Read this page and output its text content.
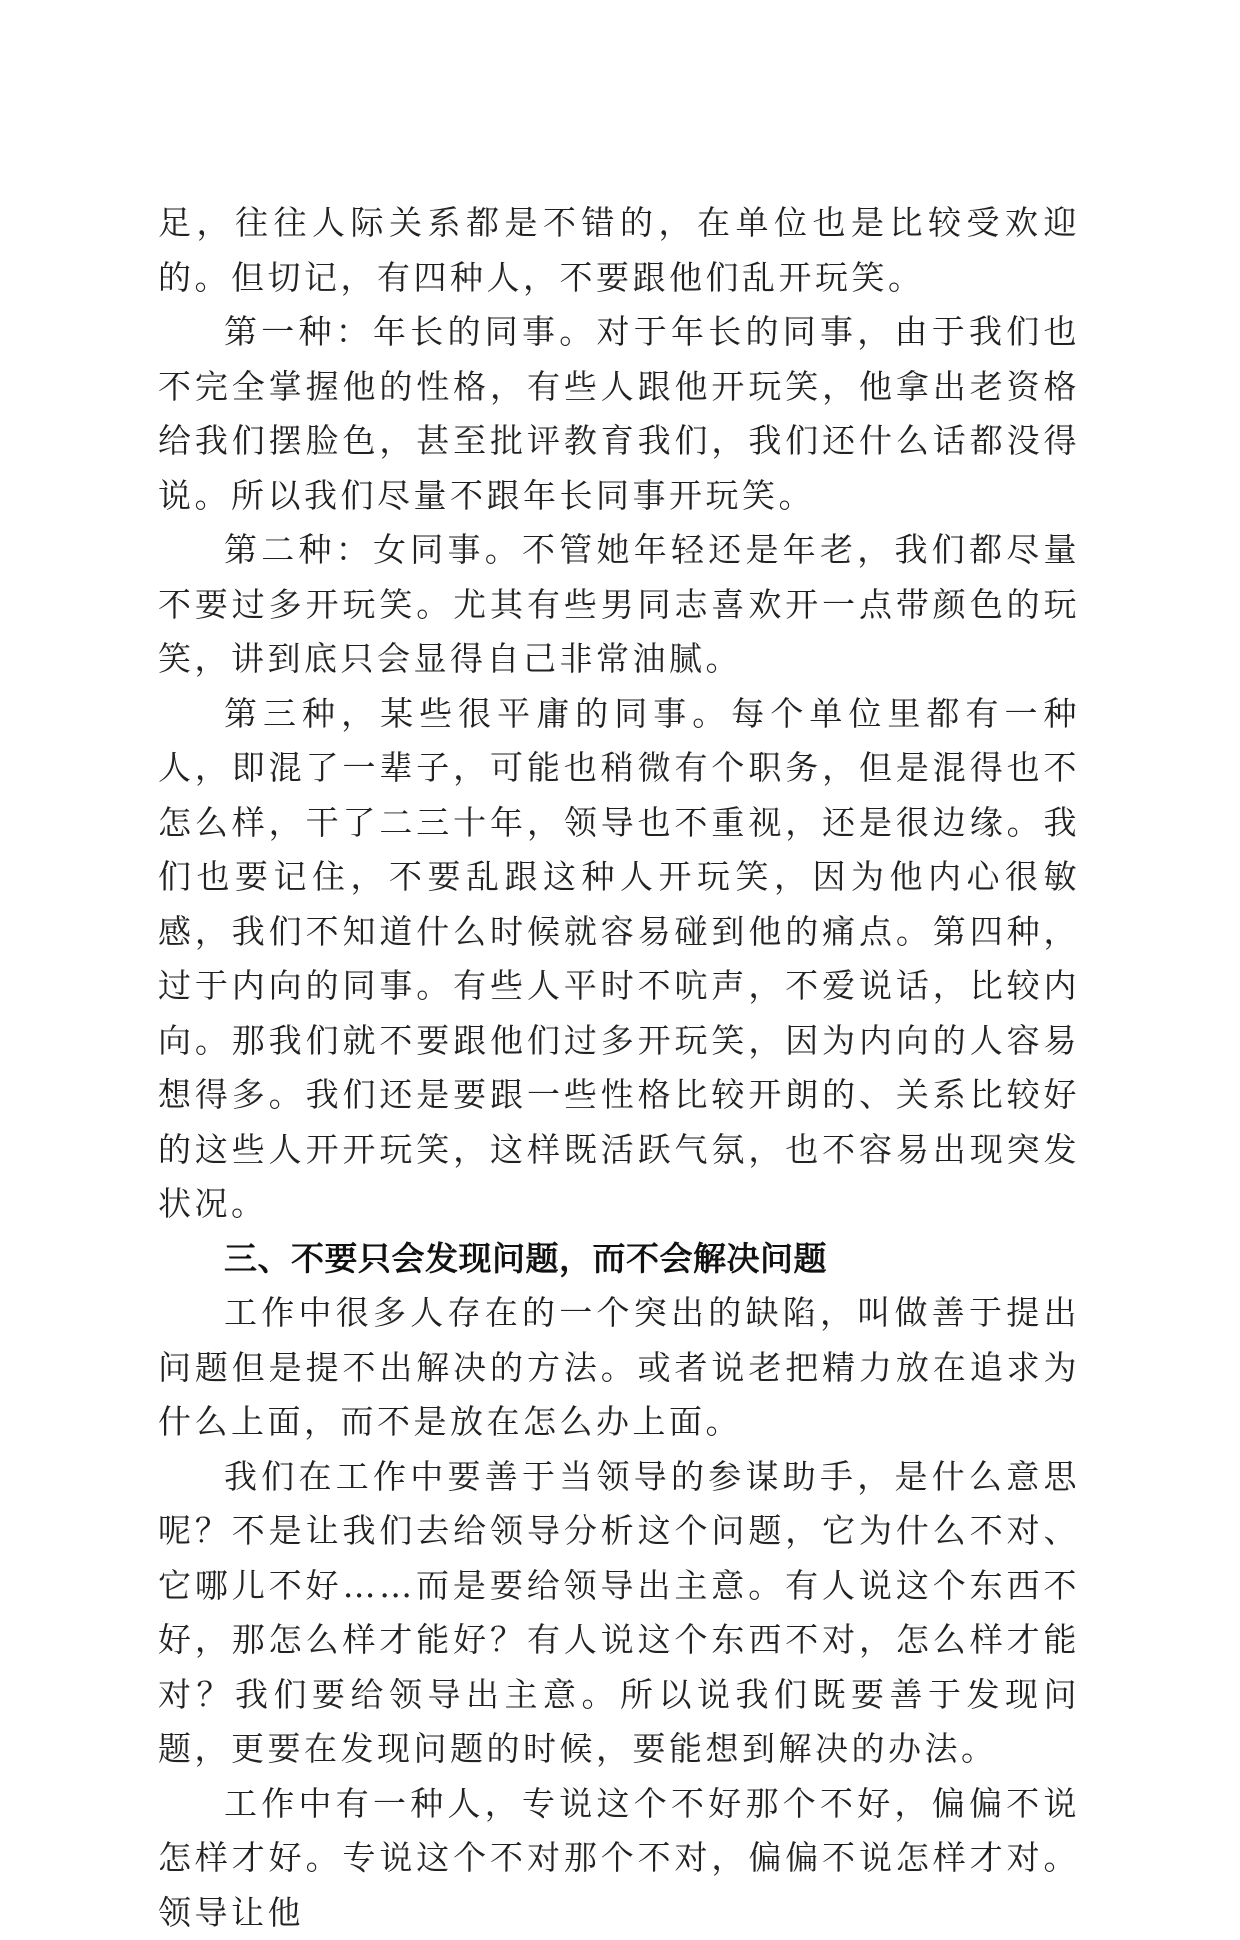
足，往往人际关系都是不错的，在单位也是比较受欢迎的。但切记，有四种人，不要跟他们乱开玩笑。

第一种：年长的同事。对于年长的同事，由于我们也不完全掌握他的性格，有些人跟他开玩笑，他拿出老资格给我们摆脸色，甚至批评教育我们，我们还什么话都没得说。所以我们尽量不跟年长同事开玩笑。

第二种：女同事。不管她年轻还是年老，我们都尽量不要过多开玩笑。尤其有些男同志喜欢开一点带颜色的玩笑，讲到底只会显得自己非常油腻。

第三种，某些很平庸的同事。每个单位里都有一种人，即混了一辈子，可能也稍微有个职务，但是混得也不怎么样，干了二三十年，领导也不重视，还是很边缘。我们也要记住，不要乱跟这种人开玩笑，因为他内心很敏感，我们不知道什么时候就容易碰到他的痛点。第四种，过于内向的同事。有些人平时不吭声，不爱说话，比较内向。那我们就不要跟他们过多开玩笑，因为内向的人容易想得多。我们还是要跟一些性格比较开朗的、关系比较好的这些人开开玩笑，这样既活跃气氛，也不容易出现突发状况。

三、不要只会发现问题，而不会解决问题

工作中很多人存在的一个突出的缺陷，叫做善于提出问题但是提不出解决的方法。或者说老把精力放在追求为什么上面，而不是放在怎么办上面。

我们在工作中要善于当领导的参谋助手，是什么意思呢？不是让我们去给领导分析这个问题，它为什么不对、它哪儿不好……而是要给领导出主意。有人说这个东西不好，那怎么样才能好？有人说这个东西不对，怎么样才能对？我们要给领导出主意。所以说我们既要善于发现问题，更要在发现问题的时候，要能想到解决的办法。

工作中有一种人，专说这个不好那个不好，偏偏不说怎样才好。专说这个不对那个不对，偏偏不说怎样才对。领导让他
